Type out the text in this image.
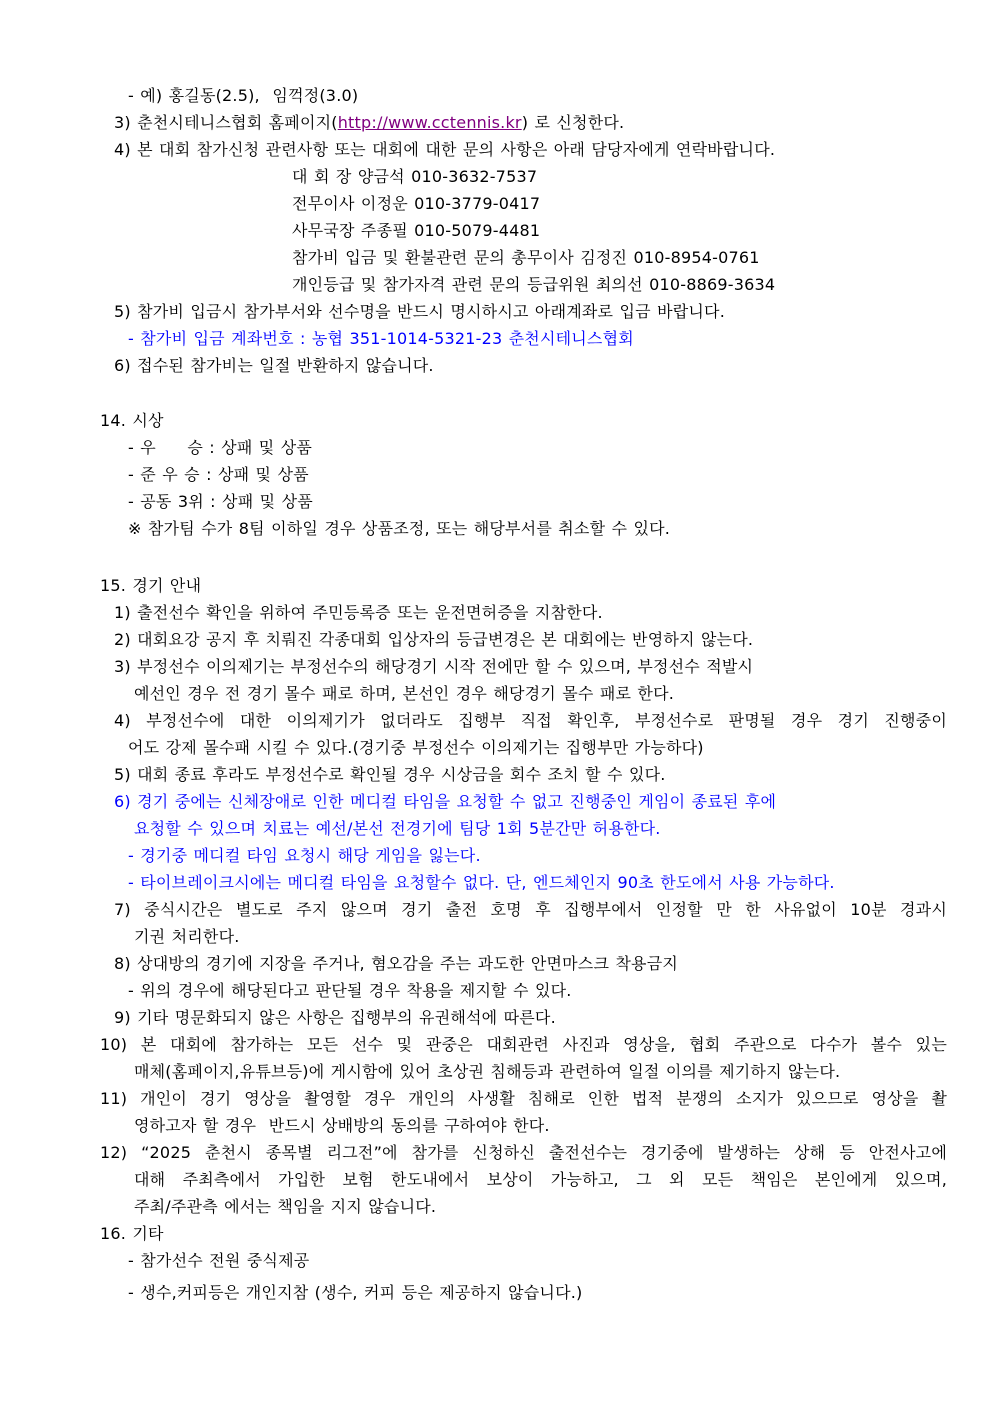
- 예) 홍길동(2.5),  임꺽정(3.0)
3) 춘천시테니스협회 홈페이지(http://www.cctennis.kr) 로 신청한다.
4) 본 대회 참가신청 관련사항 또는 대회에 대한 문의 사항은 아래 담당자에게 연락바랍니다.
대 회 장 양금석 010-3632-7537
전무이사 이정운 010-3779-0417
사무국장 주종필 010-5079-4481
참가비 입금 및 환불관련 문의 총무이사 김정진 010-8954-0761
개인등급 및 참가자격 관련 문의 등급위원 최의선 010-8869-3634
5) 참가비 입금시 참가부서와 선수명을 반드시 명시하시고 아래계좌로 입금 바랍니다.
- 참가비 입금 계좌번호 : 농협 351-1014-5321-23 춘천시테니스협회
6) 접수된 참가비는 일절 반환하지 않습니다.
14. 시상
- 우     승 : 상패 및 상품
- 준 우 승 : 상패 및 상품
- 공동 3위 : 상패 및 상품
※ 참가팀 수가 8팀 이하일 경우 상품조정, 또는 해당부서를 취소할 수 있다.
15. 경기 안내
1) 출전선수 확인을 위하여 주민등록증 또는 운전면허증을 지참한다.
2) 대회요강 공지 후 치뤄진 각종대회 입상자의 등급변경은 본 대회에는 반영하지 않는다.
3) 부정선수 이의제기는 부정선수의 해당경기 시작 전에만 할 수 있으며, 부정선수 적발시
예선인 경우 전 경기 몰수 패로 하며, 본선인 경우 해당경기 몰수 패로 한다.
4) 부정선수에 대한 이의제기가 없더라도 집행부 직접 확인후, 부정선수로 판명될 경우 경기 진행중이
어도 강제 몰수패 시킬 수 있다.(경기중 부정선수 이의제기는 집행부만 가능하다)
5) 대회 종료 후라도 부정선수로 확인될 경우 시상금을 회수 조치 할 수 있다.
6) 경기 중에는 신체장애로 인한 메디컬 타임을 요청할 수 없고 진행중인 게임이 종료된 후에
요청할 수 있으며 치료는 예선/본선 전경기에 팀당 1회 5분간만 허용한다.
- 경기중 메디컬 타임 요청시 해당 게임을 잃는다.
- 타이브레이크시에는 메디컬 타임을 요청할수 없다. 단, 엔드체인지 90초 한도에서 사용 가능하다.
7) 중식시간은 별도로 주지 않으며 경기 출전 호명 후 집행부에서 인정할 만 한 사유없이 10분 경과시
기권 처리한다.
8) 상대방의 경기에 지장을 주거나, 혐오감을 주는 과도한 안면마스크 착용금지
- 위의 경우에 해당된다고 판단될 경우 착용을 제지할 수 있다.
9) 기타 명문화되지 않은 사항은 집행부의 유권해석에 따른다.
10) 본 대회에 참가하는 모든 선수 및 관중은 대회관련 사진과 영상을, 협회 주관으로 다수가 볼수 있는
매체(홈페이지,유튜브등)에 게시함에 있어 초상권 침해등과 관련하여 일절 이의를 제기하지 않는다.
11) 개인이 경기 영상을 촬영할 경우 개인의 사생활 침해로 인한 법적 분쟁의 소지가 있으므로 영상을 촬
영하고자 할 경우  반드시 상배방의 동의를 구하여야 한다.
12) “2025 춘천시 종목별 리그전”에 참가를 신청하신 출전선수는 경기중에 발생하는 상해 등 안전사고에
대해 주최측에서 가입한 보험 한도내에서 보상이 가능하고, 그 외 모든 책임은 본인에게 있으며,
주최/주관측 에서는 책임을 지지 않습니다.
16. 기타
- 참가선수 전원 중식제공
- 생수,커피등은 개인지참 (생수, 커피 등은 제공하지 않습니다.)
